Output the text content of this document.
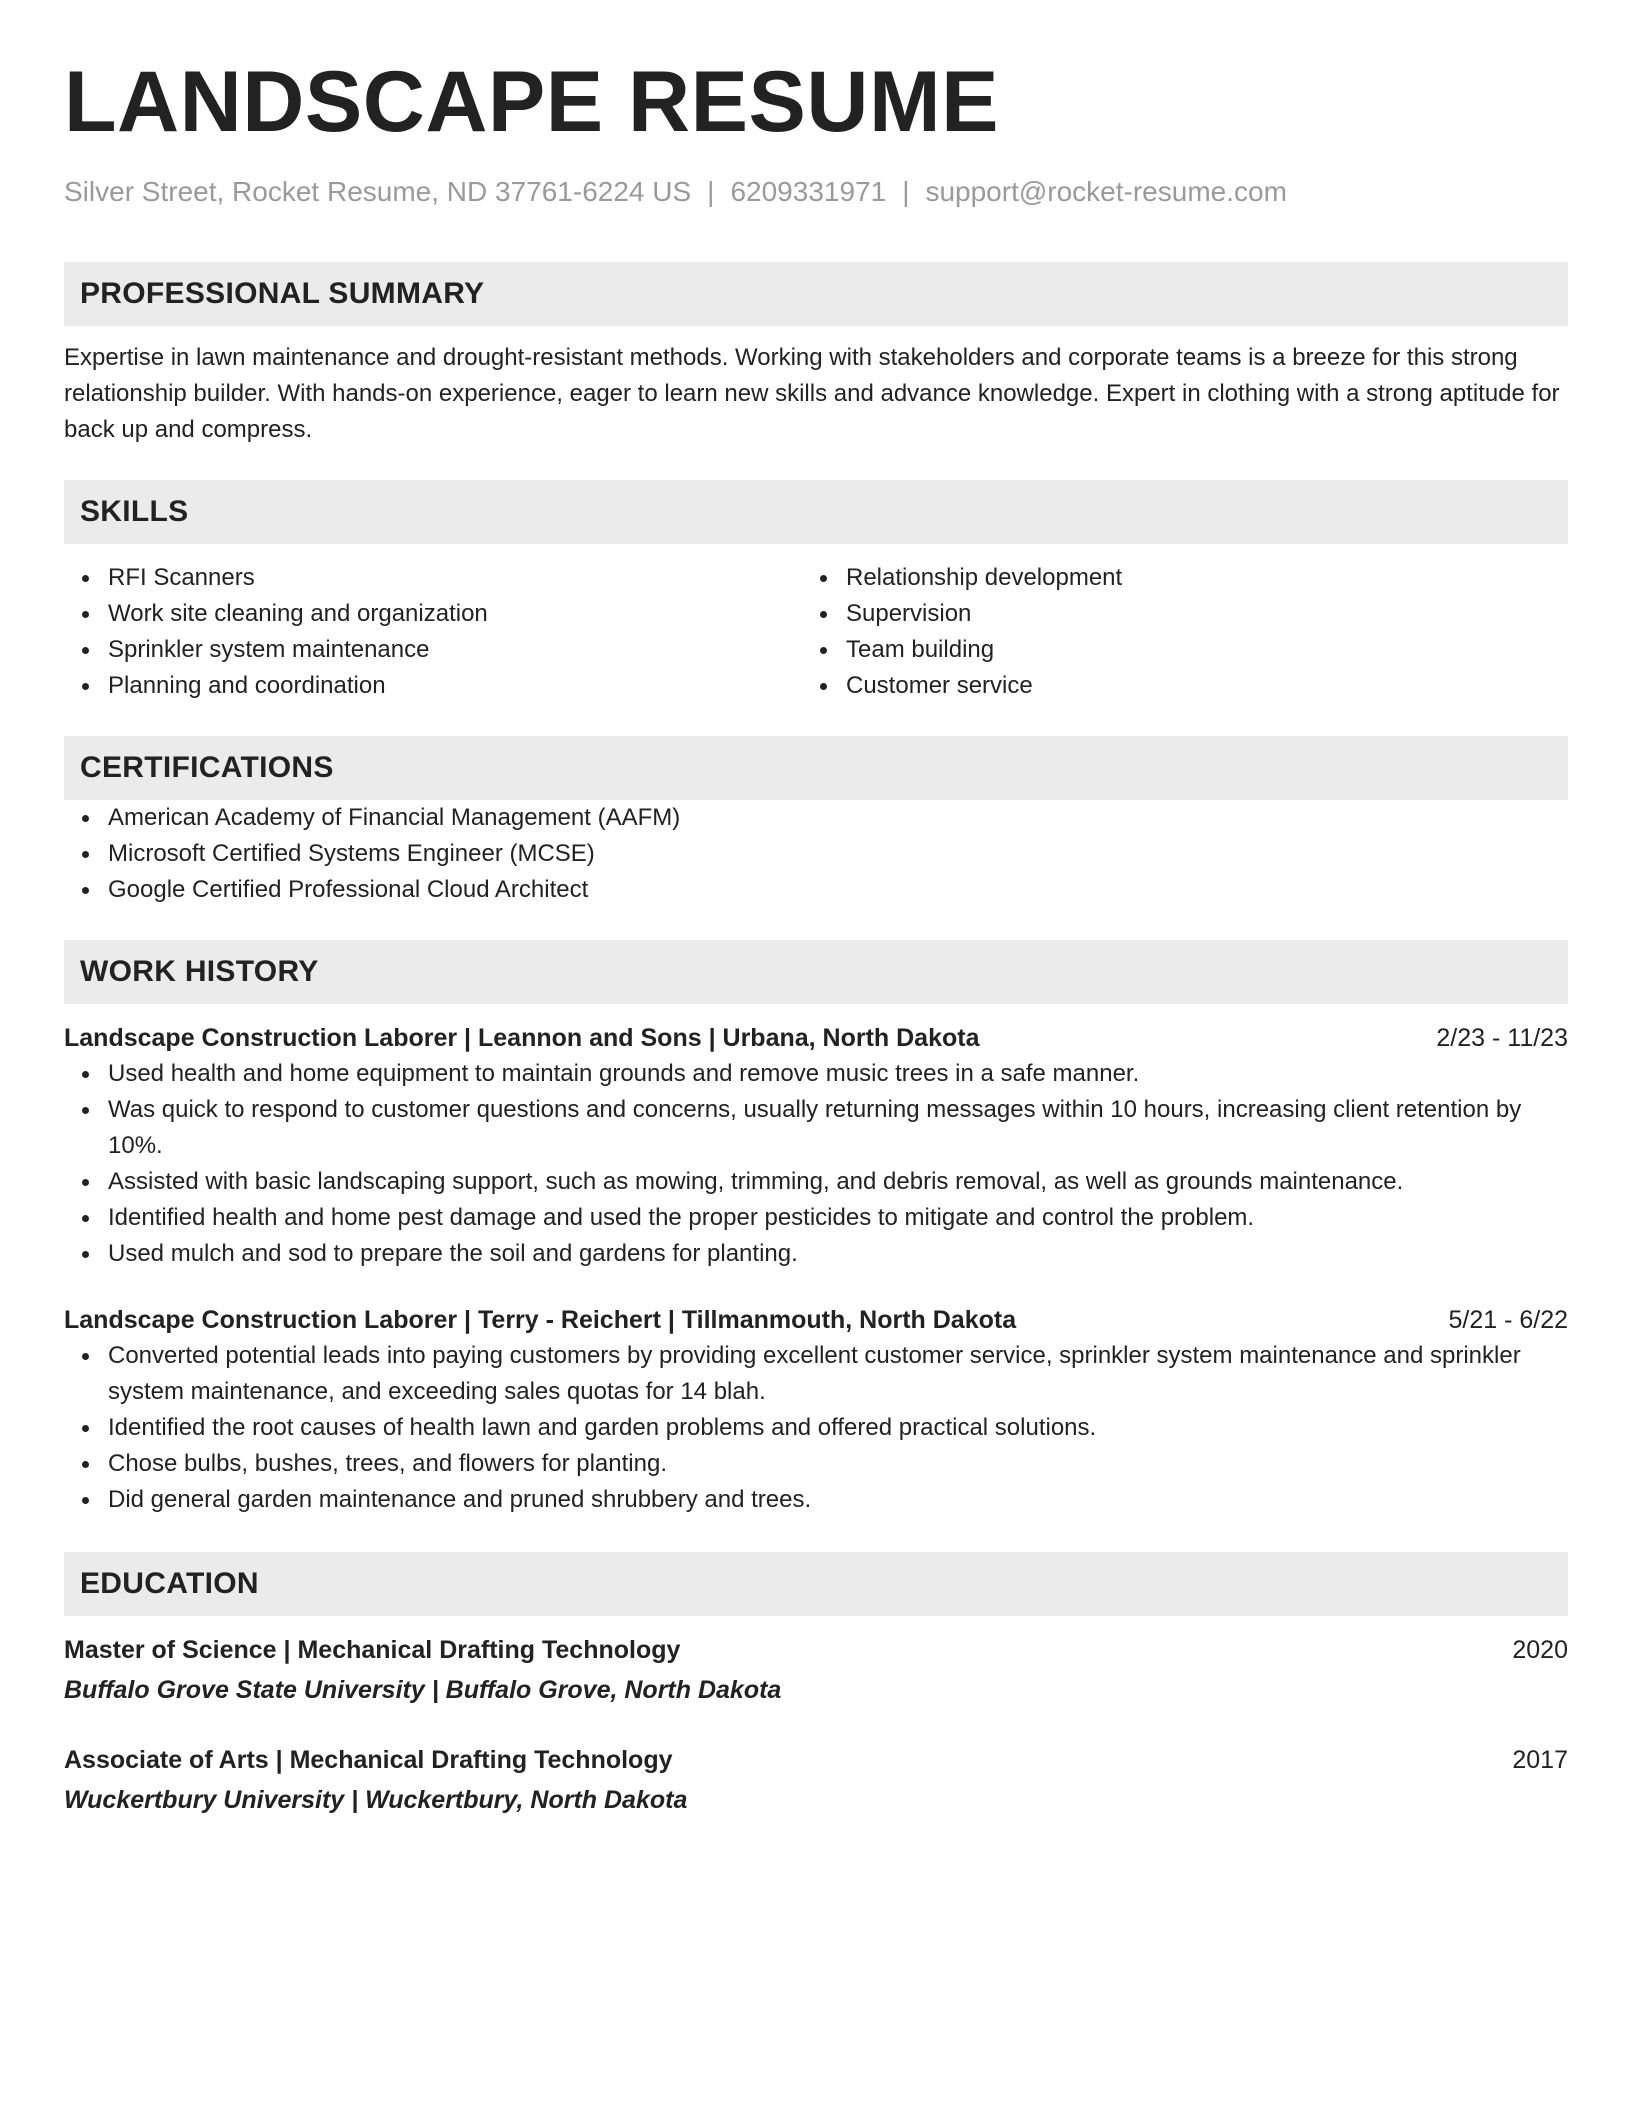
LANDSCAPE RESUME
Silver Street, Rocket Resume, ND 37761-6224 US | 6209331971 | support@rocket-resume.com
PROFESSIONAL SUMMARY
Expertise in lawn maintenance and drought-resistant methods. Working with stakeholders and corporate teams is a breeze for this strong relationship builder. With hands-on experience, eager to learn new skills and advance knowledge. Expert in clothing with a strong aptitude for back up and compress.
SKILLS
RFI Scanners
Work site cleaning and organization
Sprinkler system maintenance
Planning and coordination
Relationship development
Supervision
Team building
Customer service
CERTIFICATIONS
American Academy of Financial Management (AAFM)
Microsoft Certified Systems Engineer (MCSE)
Google Certified Professional Cloud Architect
WORK HISTORY
Landscape Construction Laborer | Leannon and Sons | Urbana, North Dakota	2/23 - 11/23
Used health and home equipment to maintain grounds and remove music trees in a safe manner.
Was quick to respond to customer questions and concerns, usually returning messages within 10 hours, increasing client retention by 10%.
Assisted with basic landscaping support, such as mowing, trimming, and debris removal, as well as grounds maintenance.
Identified health and home pest damage and used the proper pesticides to mitigate and control the problem.
Used mulch and sod to prepare the soil and gardens for planting.
Landscape Construction Laborer | Terry - Reichert | Tillmanmouth, North Dakota	5/21 - 6/22
Converted potential leads into paying customers by providing excellent customer service, sprinkler system maintenance and sprinkler system maintenance, and exceeding sales quotas for 14 blah.
Identified the root causes of health lawn and garden problems and offered practical solutions.
Chose bulbs, bushes, trees, and flowers for planting.
Did general garden maintenance and pruned shrubbery and trees.
EDUCATION
Master of Science | Mechanical Drafting Technology	2020
Buffalo Grove State University | Buffalo Grove, North Dakota
Associate of Arts | Mechanical Drafting Technology	2017
Wuckertbury University | Wuckertbury, North Dakota
